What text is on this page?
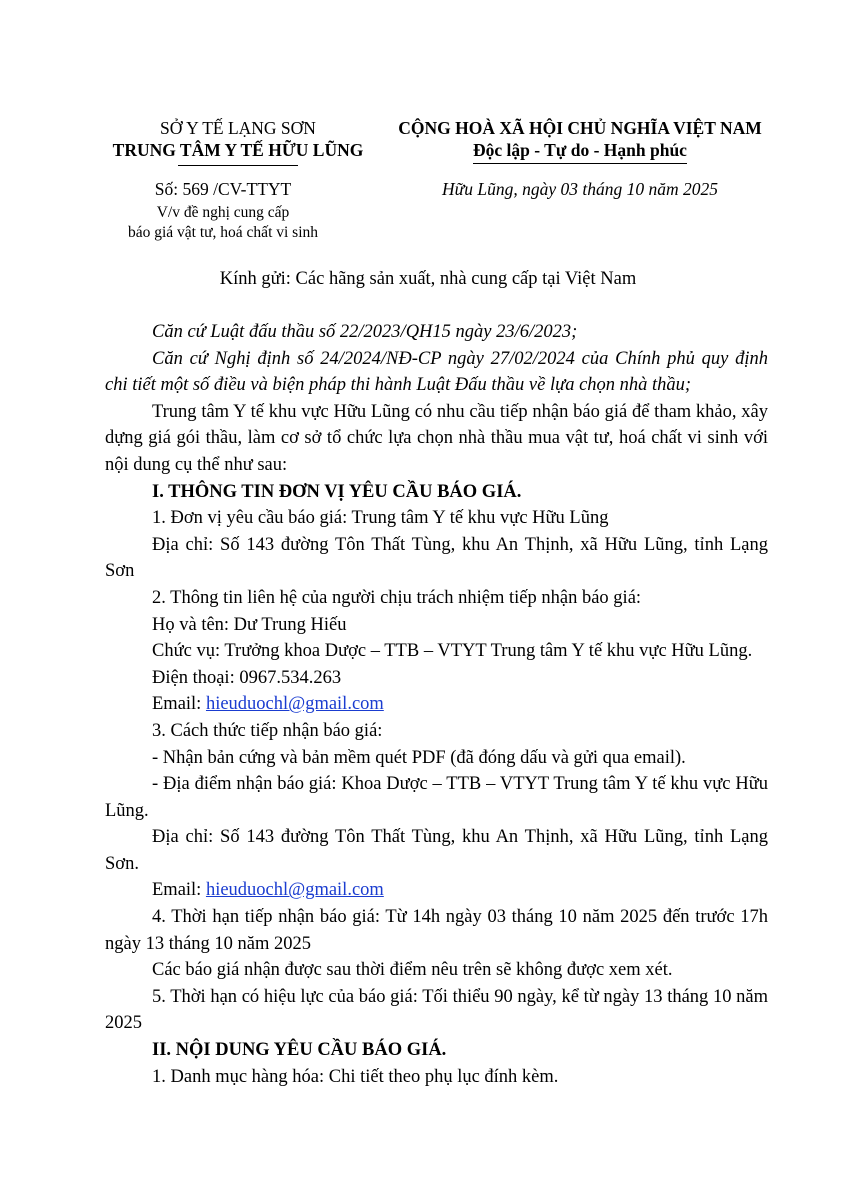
SỞ Y TẾ LẠNG SƠN
TRUNG TÂM Y TẾ HỮU LŨNG
CỘNG HOÀ XÃ HỘI CHỦ NGHĨA VIỆT NAM
Độc lập - Tự do - Hạnh phúc
Số: 569 /CV-TTYT
V/v đề nghị cung cấp
báo giá vật tư, hoá chất vi sinh
Hữu Lũng, ngày 03 tháng 10 năm 2025
Kính gửi: Các hãng sản xuất, nhà cung cấp tại Việt Nam

Căn cứ Luật đấu thầu số 22/2023/QH15 ngày 23/6/2023;

Căn cứ Nghị định số 24/2024/NĐ-CP ngày 27/02/2024 của Chính phủ quy định chi tiết một số điều và biện pháp thi hành Luật Đấu thầu về lựa chọn nhà thầu;

Trung tâm Y tế khu vực Hữu Lũng có nhu cầu tiếp nhận báo giá để tham khảo, xây dựng giá gói thầu, làm cơ sở tổ chức lựa chọn nhà thầu mua vật tư, hoá chất vi sinh với nội dung cụ thể như sau:

I. THÔNG TIN ĐƠN VỊ YÊU CẦU BÁO GIÁ.

1. Đơn vị yêu cầu báo giá: Trung tâm Y tế khu vực Hữu Lũng

Địa chỉ: Số 143 đường Tôn Thất Tùng, khu An Thịnh, xã Hữu Lũng, tỉnh Lạng Sơn

2. Thông tin liên hệ của người chịu trách nhiệm tiếp nhận báo giá:

Họ và tên: Dư Trung Hiếu

Chức vụ: Trưởng khoa Dược – TTB – VTYT Trung tâm Y tế khu vực Hữu Lũng.

Điện thoại: 0967.534.263

Email: hieuduochl@gmail.com

3. Cách thức tiếp nhận báo giá:

- Nhận bản cứng và bản mềm quét PDF (đã đóng dấu và gửi qua email).

- Địa điểm nhận báo giá: Khoa Dược – TTB – VTYT Trung tâm Y tế khu vực Hữu Lũng.

Địa chỉ: Số 143 đường Tôn Thất Tùng, khu An Thịnh, xã Hữu Lũng, tỉnh Lạng Sơn.

Email: hieuduochl@gmail.com

4. Thời hạn tiếp nhận báo giá: Từ 14h ngày 03 tháng 10 năm 2025 đến trước 17h ngày 13 tháng 10 năm 2025

Các báo giá nhận được sau thời điểm nêu trên sẽ không được xem xét.

5. Thời hạn có hiệu lực của báo giá: Tối thiểu 90 ngày, kể từ ngày 13 tháng 10 năm 2025

II. NỘI DUNG YÊU CẦU BÁO GIÁ.

1. Danh mục hàng hóa: Chi tiết theo phụ lục đính kèm.
